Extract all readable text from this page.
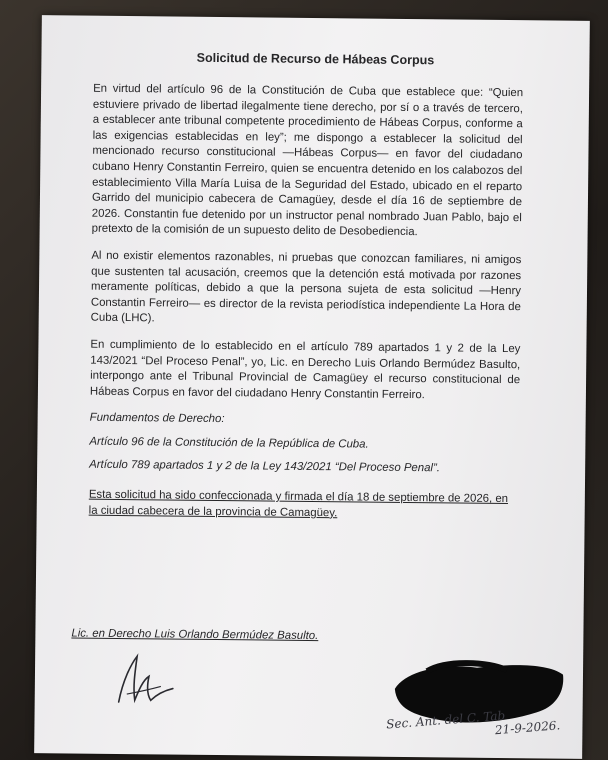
Solicitud de Recurso de Hábeas Corpus

En virtud del artículo 96 de la Constitución de Cuba que establece que: “Quien estuviere privado de libertad ilegalmente tiene derecho, por sí o a través de tercero, a establecer ante tribunal competente procedimiento de Hábeas Corpus, conforme a las exigencias establecidas en ley”; me dispongo a establecer la solicitud del mencionado recurso constitucional —Hábeas Corpus— en favor del ciudadano cubano Henry Constantin Ferreiro, quien se encuentra detenido en los calabozos del establecimiento Villa María Luisa de la Seguridad del Estado, ubicado en el reparto Garrido del municipio cabecera de Camagüey, desde el día 16 de septiembre de 2026. Constantin fue detenido por un instructor penal nombrado Juan Pablo, bajo el pretexto de la comisión de un supuesto delito de Desobediencia.

Al no existir elementos razonables, ni pruebas que conozcan familiares, ni amigos que sustenten tal acusación, creemos que la detención está motivada por razones meramente políticas, debido a que la persona sujeta de esta solicitud —Henry Constantin Ferreiro— es director de la revista periodística independiente La Hora de Cuba (LHC).

En cumplimiento de lo establecido en el artículo 789 apartados 1 y 2 de la Ley 143/2021 “Del Proceso Penal”, yo, Lic. en Derecho Luis Orlando Bermúdez Basulto, interpongo ante el Tribunal Provincial de Camagüey el recurso constitucional de Hábeas Corpus en favor del ciudadano Henry Constantin Ferreiro.

Fundamentos de Derecho:

Artículo 96 de la Constitución de la República de Cuba.

Artículo 789 apartados 1 y 2 de la Ley 143/2021 “Del Proceso Penal”.

Esta solicitud ha sido confeccionada y firmada el día 18 de septiembre de 2026, en la ciudad cabecera de la provincia de Camagüey.

Lic. en Derecho Luis Orlando Bermúdez Basulto.
Sec. Ant. del C. Tab
21-9-2026.
